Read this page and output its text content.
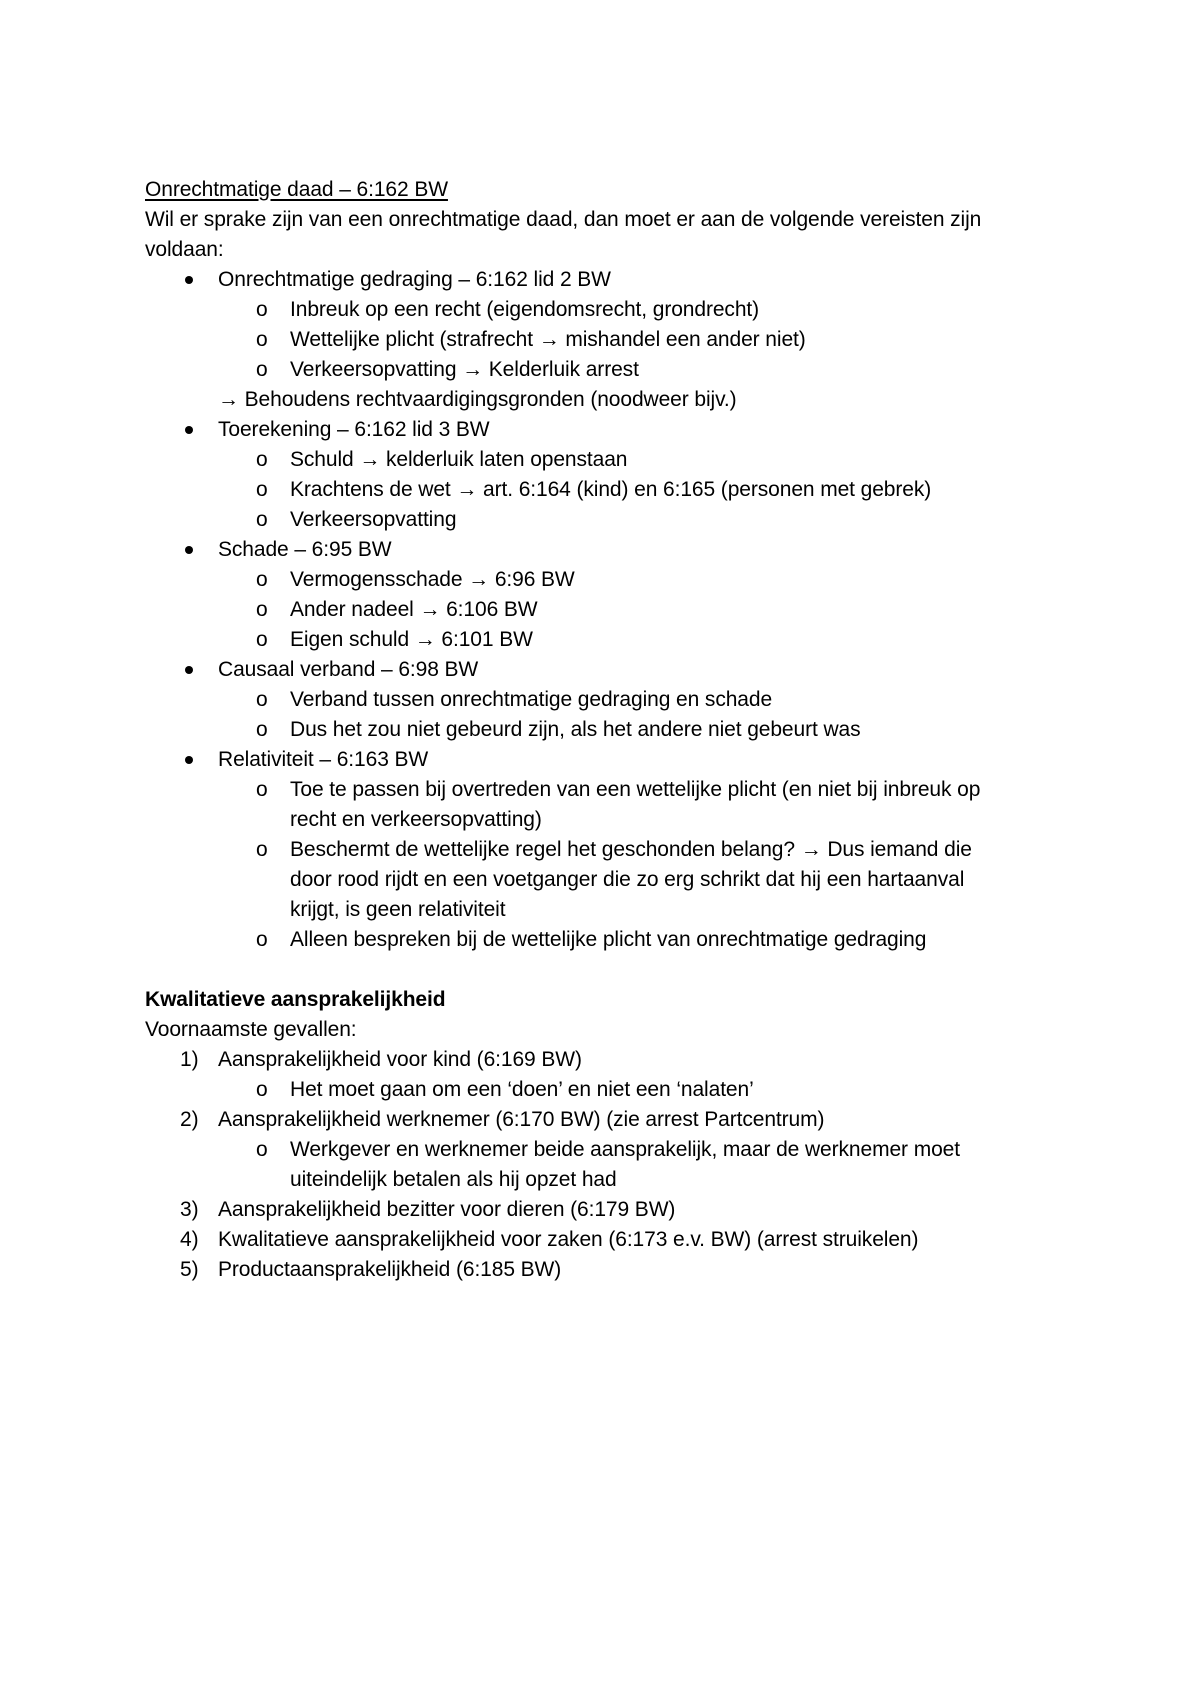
Onrechtmatige daad – 6:162 BW
Wil er sprake zijn van een onrechtmatige daad, dan moet er aan de volgende vereisten zijn
voldaan:
Onrechtmatige gedraging – 6:162 lid 2 BW
o Inbreuk op een recht (eigendomsrecht, grondrecht)
o Wettelijke plicht (strafrecht → mishandel een ander niet)
o Verkeersopvatting → Kelderluik arrest
→ Behoudens rechtvaardigingsgronden (noodweer bijv.)
Toerekening – 6:162 lid 3 BW
o Schuld → kelderluik laten openstaan
o Krachtens de wet → art. 6:164 (kind) en 6:165 (personen met gebrek)
o Verkeersopvatting
Schade – 6:95 BW
o Vermogensschade → 6:96 BW
o Ander nadeel → 6:106 BW
o Eigen schuld → 6:101 BW
Causaal verband – 6:98 BW
o Verband tussen onrechtmatige gedraging en schade
o Dus het zou niet gebeurd zijn, als het andere niet gebeurt was
Relativiteit – 6:163 BW
o Toe te passen bij overtreden van een wettelijke plicht (en niet bij inbreuk op
recht en verkeersopvatting)
o Beschermt de wettelijke regel het geschonden belang? → Dus iemand die
door rood rijdt en een voetganger die zo erg schrikt dat hij een hartaanval
krijgt, is geen relativiteit
o Alleen bespreken bij de wettelijke plicht van onrechtmatige gedraging
Kwalitatieve aansprakelijkheid
Voornaamste gevallen:
1) Aansprakelijkheid voor kind (6:169 BW)
o Het moet gaan om een ‘doen’ en niet een ‘nalaten’
2) Aansprakelijkheid werknemer (6:170 BW) (zie arrest Partcentrum)
o Werkgever en werknemer beide aansprakelijk, maar de werknemer moet
uiteindelijk betalen als hij opzet had
3) Aansprakelijkheid bezitter voor dieren (6:179 BW)
4) Kwalitatieve aansprakelijkheid voor zaken (6:173 e.v. BW) (arrest struikelen)
5) Productaansprakelijkheid (6:185 BW)
